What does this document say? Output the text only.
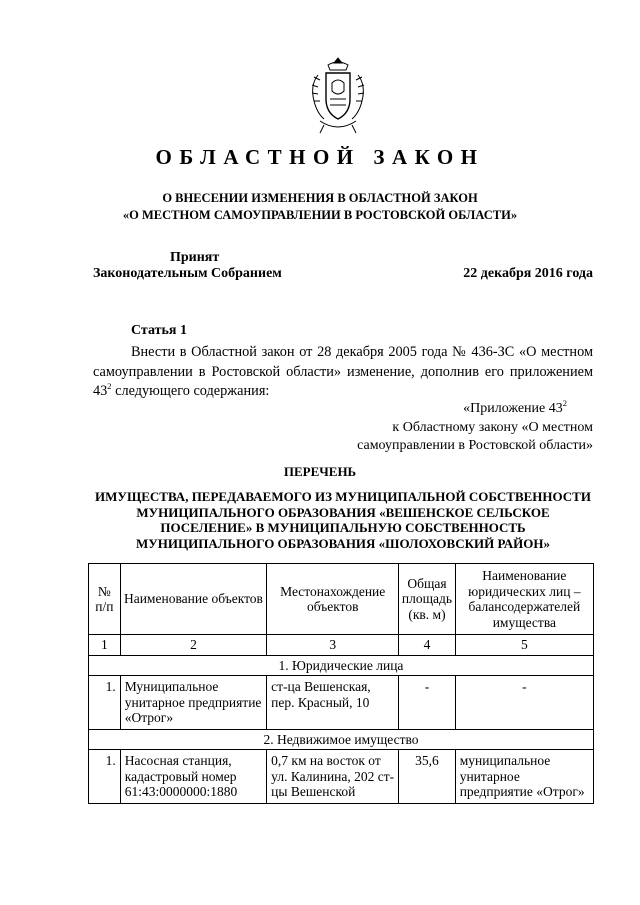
ОБЛАСТНОЙ ЗАКОН
О ВНЕСЕНИИ ИЗМЕНЕНИЯ В ОБЛАСТНОЙ ЗАКОН
«О МЕСТНОМ САМОУПРАВЛЕНИИ В РОСТОВСКОЙ ОБЛАСТИ»
Принят
Законодательным Собранием	22 декабря 2016 года
Статья 1
Внести в Областной закон от 28 декабря 2005 года № 436-ЗС «О местном самоуправлении в Ростовской области» изменение, дополнив его приложением $43^2$ следующего содержания:
«Приложение $43^2$
к Областному закону «О местном
самоуправлении в Ростовской области»
ПЕРЕЧЕНЬ
ИМУЩЕСТВА, ПЕРЕДАВАЕМОГО ИЗ МУНИЦИПАЛЬНОЙ СОБСТВЕННОСТИ
МУНИЦИПАЛЬНОГО ОБРАЗОВАНИЯ «ВЕШЕНСКОЕ СЕЛЬСКОЕ
ПОСЕЛЕНИЕ» В МУНИЦИПАЛЬНУЮ СОБСТВЕННОСТЬ
МУНИЦИПАЛЬНОГО ОБРАЗОВАНИЯ «ШОЛОХОВСКИЙ РАЙОН»
№ п/п	Наименование объектов	Местонахождение объектов	Общая площадь (кв. м)	Наименование юридических лиц – балансодержателей имущества
1	2	3	4	5
1. Юридические лица				
1.	Муниципальное унитарное предприятие «Отрог»	ст-ца Вешенская, пер. Красный, 10	-	-
2. Недвижимое имущество				
1.	Насосная станция, кадастровый номер 61:43:0000000:1880	0,7 км на восток от ул. Калинина, 202 ст-цы Вешенской	35,6	муниципальное унитарное предприятие «Отрог»
